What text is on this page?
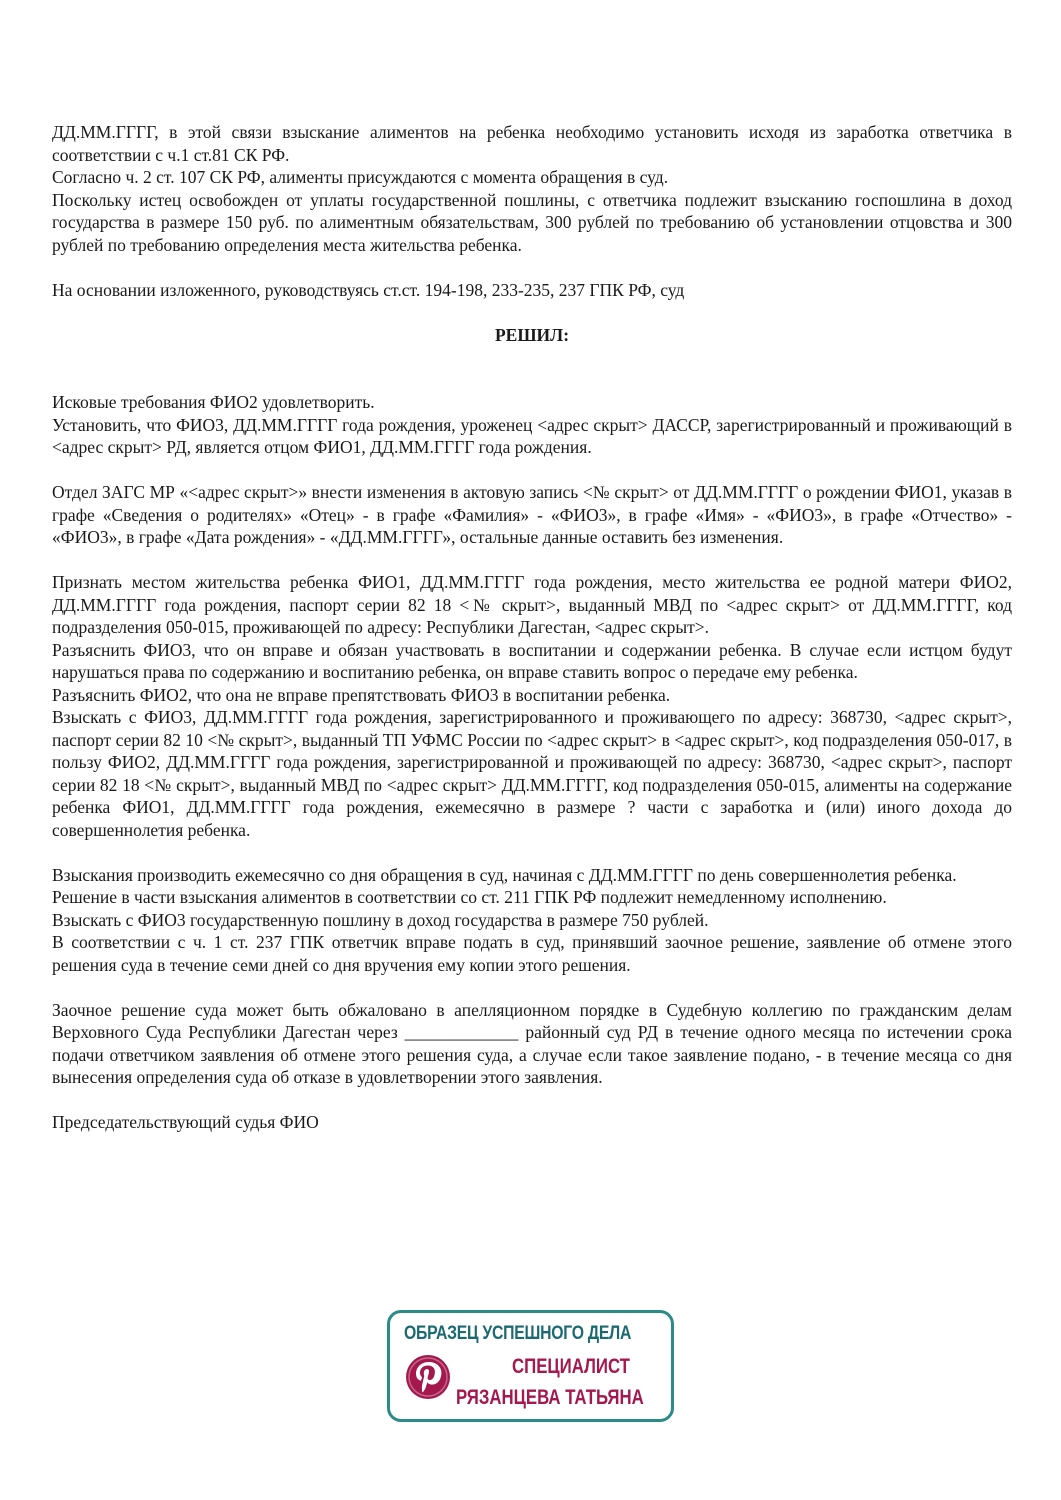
ДД.ММ.ГГГГ, в этой связи взыскание алиментов на ребенка необходимо установить исходя из заработка ответчика в соответствии с ч.1 ст.81 СК РФ.

Согласно ч. 2 ст. 107 СК РФ, алименты присуждаются с момента обращения в суд.

Поскольку истец освобожден от уплаты государственной пошлины, с ответчика подлежит взысканию госпошлина в доход государства в размере 150 руб. по алиментным обязательствам, 300 рублей по требованию об установлении отцовства и 300 рублей по требованию определения места жительства ребенка.

На основании изложенного, руководствуясь ст.ст. 194-198, 233-235, 237 ГПК РФ, суд

РЕШИЛ:

Исковые требования ФИО2 удовлетворить.

Установить, что ФИО3, ДД.ММ.ГГГГ года рождения, уроженец <адрес скрыт> ДАССР, зарегистрированный и проживающий в <адрес скрыт> РД, является отцом ФИО1, ДД.ММ.ГГГГ года рождения.

Отдел ЗАГС МР «<адрес скрыт>» внести изменения в актовую запись <№ скрыт> от ДД.ММ.ГГГГ о рождении ФИО1, указав в графе «Сведения о родителях» «Отец» - в графе «Фамилия» - «ФИО3», в графе «Имя» - «ФИО3», в графе «Отчество» - «ФИО3», в графе «Дата рождения» - «ДД.ММ.ГГГГ», остальные данные оставить без изменения.

Признать местом жительства ребенка ФИО1, ДД.ММ.ГГГГ года рождения, место жительства ее родной матери ФИО2, ДД.ММ.ГГГГ года рождения, паспорт серии 82 18 <№ скрыт>, выданный МВД по <адрес скрыт> от ДД.ММ.ГГГГ, код подразделения 050-015, проживающей по адресу: Республики Дагестан, <адрес скрыт>.

Разъяснить ФИО3, что он вправе и обязан участвовать в воспитании и содержании ребенка. В случае если истцом будут нарушаться права по содержанию и воспитанию ребенка, он вправе ставить вопрос о передаче ему ребенка.

Разъяснить ФИО2, что она не вправе препятствовать ФИО3 в воспитании ребенка.

Взыскать с ФИО3, ДД.ММ.ГГГГ года рождения, зарегистрированного и проживающего по адресу: 368730, <адрес скрыт>, паспорт серии 82 10 <№ скрыт>, выданный ТП УФМС России по <адрес скрыт> в <адрес скрыт>, код подразделения 050-017, в пользу ФИО2, ДД.ММ.ГГГГ года рождения, зарегистрированной и проживающей по адресу: 368730, <адрес скрыт>, паспорт серии 82 18 <№ скрыт>, выданный МВД по <адрес скрыт> ДД.ММ.ГГГГ, код подразделения 050-015, алименты на содержание ребенка ФИО1, ДД.ММ.ГГГГ года рождения, ежемесячно в размере ? части с заработка и (или) иного дохода до совершеннолетия ребенка.

Взыскания производить ежемесячно со дня обращения в суд, начиная с ДД.ММ.ГГГГ по день совершеннолетия ребенка.

Решение в части взыскания алиментов в соответствии со ст. 211 ГПК РФ подлежит немедленному исполнению.

Взыскать с ФИО3 государственную пошлину в доход государства в размере 750 рублей.

В соответствии с ч. 1 ст. 237 ГПК ответчик вправе подать в суд, принявший заочное решение, заявление об отмене этого решения суда в течение семи дней со дня вручения ему копии этого решения.

Заочное решение суда может быть обжаловано в апелляционном порядке в Судебную коллегию по гражданским делам Верховного Суда Республики Дагестан через _____________ районный суд РД в течение одного месяца по истечении срока подачи ответчиком заявления об отмене этого решения суда, а случае если такое заявление подано, - в течение месяца со дня вынесения определения суда об отказе в удовлетворении этого заявления.

Председательствующий судья ФИО

ОБРАЗЕЦ УСПЕШНОГО ДЕЛА
СПЕЦИАЛИСТ
РЯЗАНЦЕВА ТАТЬЯНА
